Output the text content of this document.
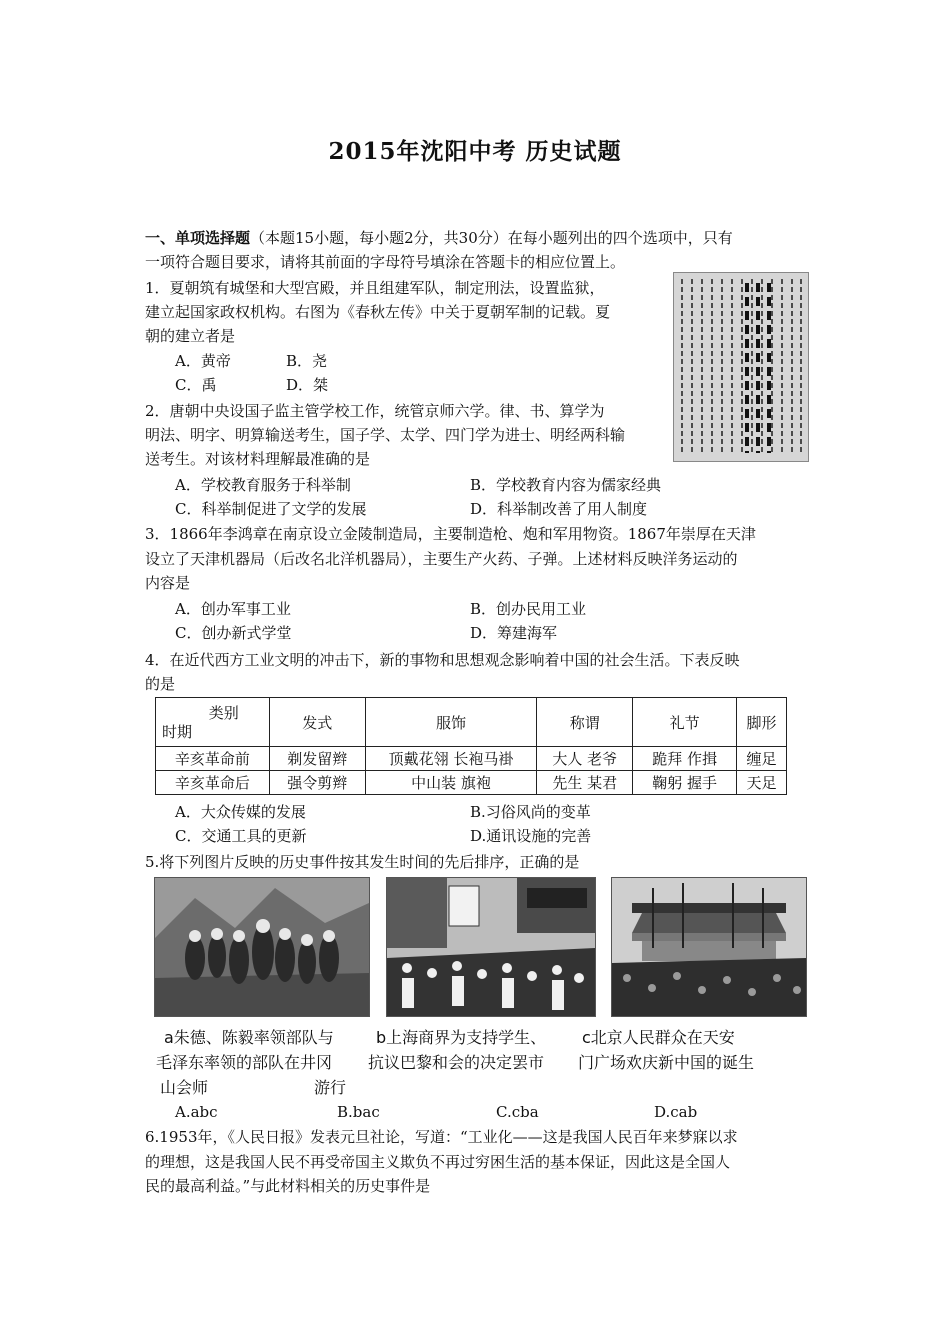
2015年沈阳中考 历史试题
一、单项选择题（本题15小题，每小题2分，共30分）在每小题列出的四个选项中，只有
一项符合题目要求，请将其前面的字母符号填涂在答题卡的相应位置上。
1．夏朝筑有城堡和大型宫殿，并且组建军队，制定刑法，设置监狱，
建立起国家政权机构。右图为《春秋左传》中关于夏朝军制的记载。夏
朝的建立者是
A．黄帝	B．尧
C．禹	D．桀
2．唐朝中央设国子监主管学校工作，统管京师六学。律、书、算学为
明法、明字、明算输送考生，国子学、太学、四门学为进士、明经两科输
送考生。对该材料理解最准确的是
A．学校教育服务于科举制	B．学校教育内容为儒家经典
C．科举制促进了文学的发展	D．科举制改善了用人制度
3．1866年李鸿章在南京设立金陵制造局，主要制造枪、炮和军用物资。1867年崇厚在天津
设立了天津机器局（后改名北洋机器局），主要生产火药、子弹。上述材料反映洋务运动的
内容是
A．创办军事工业	B．创办民用工业
C．创办新式学堂	D．筹建海军
4．在近代西方工业文明的冲击下，新的事物和思想观念影响着中国的社会生活。下表反映
的是
类别
时期	发式	服饰	称谓	礼节	脚形
辛亥革命前	剃发留辫	顶戴花翎 长袍马褂	大人 老爷	跪拜 作揖	缠足
辛亥革命后	强令剪辫	中山装 旗袍	先生 某君	鞠躬 握手	天足
A．大众传媒的发展	B.习俗风尚的变革
C．交通工具的更新	D.通讯设施的完善
5.将下列图片反映的历史事件按其发生时间的先后排序，正确的是
a朱德、陈毅率领部队与
毛泽东率领的部队在井冈
山会师
b上海商界为支持学生、
抗议巴黎和会的决定罢市
游行
c北京人民群众在天安
门广场欢庆新中国的诞生
A.abc	B.bac	C.cba	D.cab
6.1953年，《人民日报》发表元旦社论，写道：“工业化——这是我国人民百年来梦寐以求
的理想，这是我国人民不再受帝国主义欺负不再过穷困生活的基本保证，因此这是全国人
民的最高利益。”与此材料相关的历史事件是
